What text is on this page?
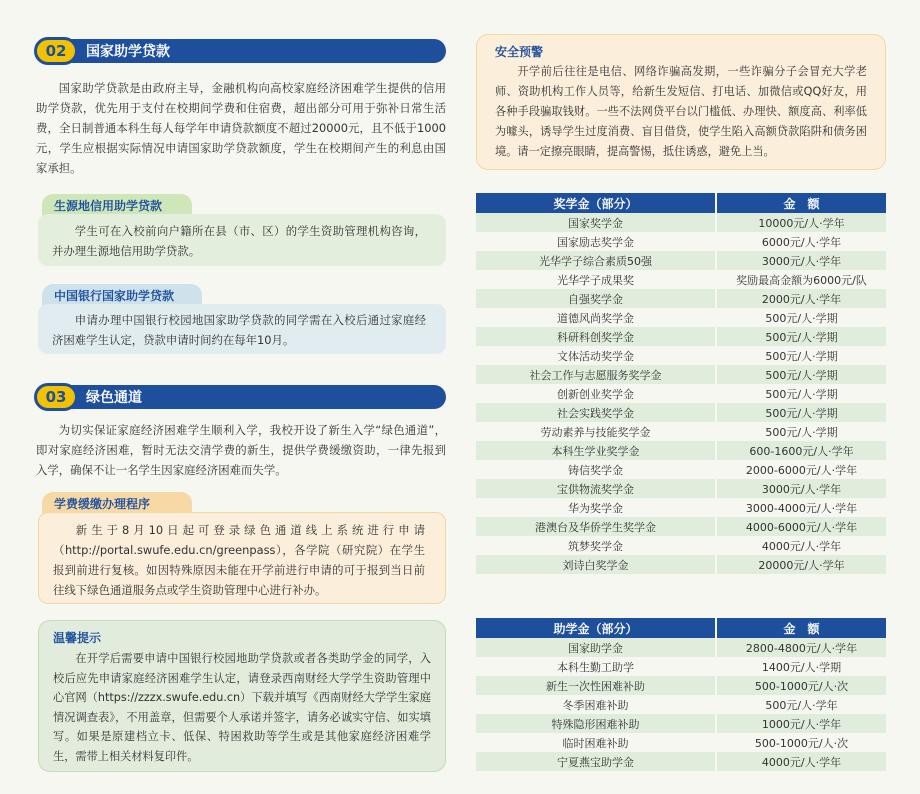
02	国家助学贷款
国家助学贷款是由政府主导，金融机构向高校家庭经济困难学生提供的信用助学贷款，优先用于支付在校期间学费和住宿费，超出部分可用于弥补日常生活费，全日制普通本科生每人每学年申请贷款额度不超过20000元，且不低于1000元，学生应根据实际情况申请国家助学贷款额度，学生在校期间产生的利息由国家承担。
生源地信用助学贷款
学生可在入校前向户籍所在县（市、区）的学生资助管理机构咨询，并办理生源地信用助学贷款。
中国银行国家助学贷款
申请办理中国银行校园地国家助学贷款的同学需在入校后通过家庭经济困难学生认定，贷款申请时间约在每年10月。
03	绿色通道
为切实保证家庭经济困难学生顺利入学，我校开设了新生入学“绿色通道”，即对家庭经济困难，暂时无法交清学费的新生，提供学费缓缴资助，一律先报到入学，确保不让一名学生因家庭经济困难而失学。
学费缓缴办理程序
新生于8月10日起可登录绿色通道线上系统进行申请（http://portal.swufe.edu.cn/greenpass），各学院（研究院）在学生报到前进行复核。如因特殊原因未能在开学前进行申请的可于报到当日前往线下绿色通道服务点或学生资助管理中心进行补办。
温馨提示
在开学后需要申请中国银行校园地助学贷款或者各类助学金的同学，入校后应先申请家庭经济困难学生认定，请登录西南财经大学学生资助管理中心官网（https://zzzx.swufe.edu.cn）下载并填写《西南财经大学学生家庭情况调查表》，不用盖章，但需要个人承诺并签字，请务必诚实守信、如实填写。如果是原建档立卡、低保、特困救助等学生或是其他家庭经济困难学生，需带上相关材料复印件。
安全预警
开学前后往往是电信、网络诈骗高发期，一些诈骗分子会冒充大学老师、资助机构工作人员等，给新生发短信、打电话、加微信或QQ好友，用各种手段骗取钱财。一些不法网贷平台以门槛低、办理快、额度高、利率低为噱头，诱导学生过度消费、盲目借贷，使学生陷入高额贷款陷阱和债务困境。请一定擦亮眼睛，提高警惕，抵住诱惑，避免上当。
奖学金（部分）	金　额
国家奖学金	10000元/人·学年
国家励志奖学金	6000元/人·学年
光华学子综合素质50强	3000元/人·学年
光华学子成果奖	奖励最高金额为6000元/队
自强奖学金	2000元/人·学年
道德风尚奖学金	500元/人·学期
科研科创奖学金	500元/人·学期
文体活动奖学金	500元/人·学期
社会工作与志愿服务奖学金	500元/人·学期
创新创业奖学金	500元/人·学期
社会实践奖学金	500元/人·学期
劳动素养与技能奖学金	500元/人·学期
本科生学业奖学金	600-1600元/人·学年
铸信奖学金	2000-6000元/人·学年
宝供物流奖学金	3000元/人·学年
华为奖学金	3000-4000元/人·学年
港澳台及华侨学生奖学金	4000-6000元/人·学年
筑梦奖学金	4000元/人·学年
刘诗白奖学金	20000元/人·学年
助学金（部分）	金　额
国家助学金	2800-4800元/人·学年
本科生勤工助学	1400元/人·学期
新生一次性困难补助	500-1000元/人·次
冬季困难补助	500元/人·学年
特殊隐形困难补助	1000元/人·学年
临时困难补助	500-1000元/人·次
宁夏燕宝助学金	4000元/人·学年
